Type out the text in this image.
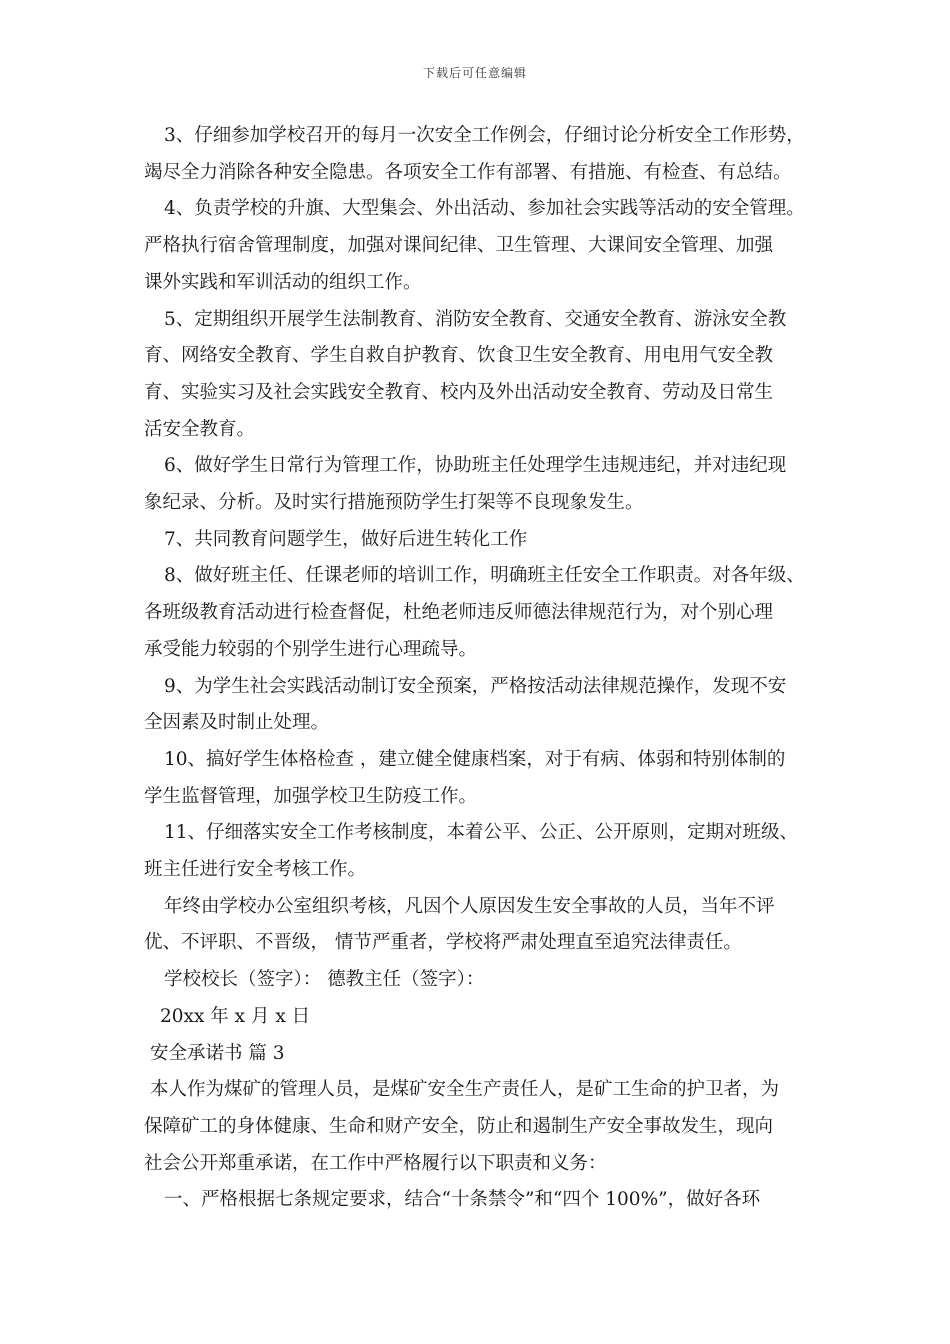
下载后可任意编辑

3、仔细参加学校召开的每月一次安全工作例会，仔细讨论分析安全工作形势，
竭尽全力消除各种安全隐患。各项安全工作有部署、有措施、有检查、有总结。

4、负责学校的升旗、大型集会、外出活动、参加社会实践等活动的安全管理。
严格执行宿舍管理制度，加强对课间纪律、卫生管理、大课间安全管理、加强
课外实践和军训活动的组织工作。

5、定期组织开展学生法制教育、消防安全教育、交通安全教育、游泳安全教
育、网络安全教育、学生自救自护教育、饮食卫生安全教育、用电用气安全教
育、实验实习及社会实践安全教育、校内及外出活动安全教育、劳动及日常生
活安全教育。

6、做好学生日常行为管理工作，协助班主任处理学生违规违纪，并对违纪现
象纪录、分析。及时实行措施预防学生打架等不良现象发生。

7、共同教育问题学生，做好后进生转化工作

8、做好班主任、任课老师的培训工作，明确班主任安全工作职责。对各年级、
各班级教育活动进行检查督促，杜绝老师违反师德法律规范行为，对个别心理
承受能力较弱的个别学生进行心理疏导。

9、为学生社会实践活动制订安全预案，严格按活动法律规范操作，发现不安
全因素及时制止处理。

10、搞好学生体格检查 ，建立健全健康档案，对于有病、体弱和特别体制的
学生监督管理，加强学校卫生防疫工作。

11、仔细落实安全工作考核制度，本着公平、公正、公开原则，定期对班级、
班主任进行安全考核工作。

年终由学校办公室组织考核，凡因个人原因发生安全事故的人员，当年不评
优、不评职、不晋级， 情节严重者，学校将严肃处理直至追究法律责任。

学校校长（签字）： 德教主任（签字）：

20xx 年 x 月 x 日

安全承诺书 篇 3

本人作为煤矿的管理人员，是煤矿安全生产责任人，是矿工生命的护卫者，为
保障矿工的身体健康、生命和财产安全，防止和遏制生产安全事故发生，现向
社会公开郑重承诺，在工作中严格履行以下职责和义务：

一、严格根据七条规定要求，结合“十条禁令”和“四个 100%”，做好各环
